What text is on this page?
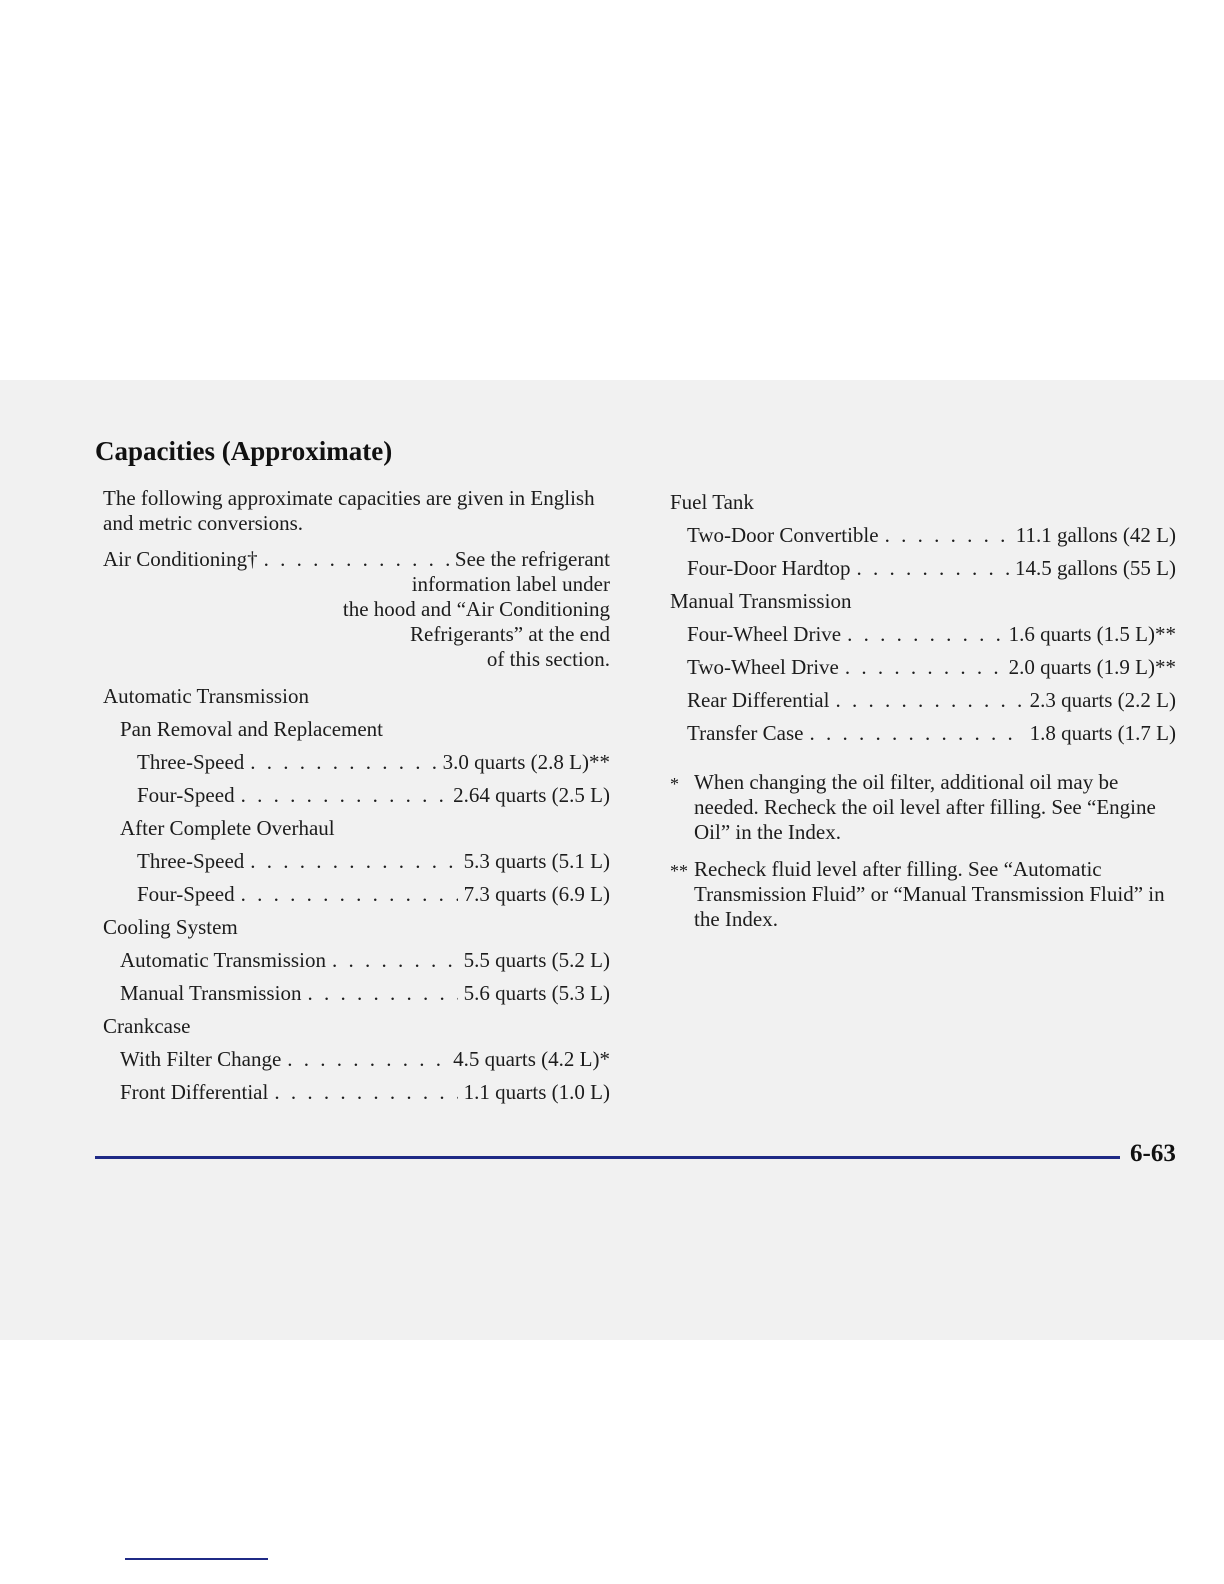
Capacities (Approximate)
The following approximate capacities are given in English and metric conversions.
Air Conditioning† . . .	See the refrigerant
information label under
the hood and “Air Conditioning
Refrigerants” at the end
of this section.
Automatic Transmission
Pan Removal and Replacement
Three-Speed . . .	3.0 quarts (2.8 L)**
Four-Speed . . .	2.64 quarts (2.5 L)
After Complete Overhaul
Three-Speed . . .	5.3 quarts (5.1 L)
Four-Speed . . .	7.3 quarts (6.9 L)
Cooling System
Automatic Transmission . . .	5.5 quarts (5.2 L)
Manual Transmission . . .	5.6 quarts (5.3 L)
Crankcase
With Filter Change . . .	4.5 quarts (4.2 L)*
Front Differential . . .	1.1 quarts (1.0 L)
Fuel Tank
Two-Door Convertible . . .	11.1 gallons (42 L)
Four-Door Hardtop . . .	14.5 gallons (55 L)
Manual Transmission
Four-Wheel Drive . . .	1.6 quarts (1.5 L)**
Two-Wheel Drive . . .	2.0 quarts (1.9 L)**
Rear Differential . . .	2.3 quarts (2.2 L)
Transfer Case . . .	1.8 quarts (1.7 L)
* When changing the oil filter, additional oil may be needed. Recheck the oil level after filling. See “Engine Oil” in the Index.
** Recheck fluid level after filling. See “Automatic Transmission Fluid” or “Manual Transmission Fluid” in the Index.
6-63
